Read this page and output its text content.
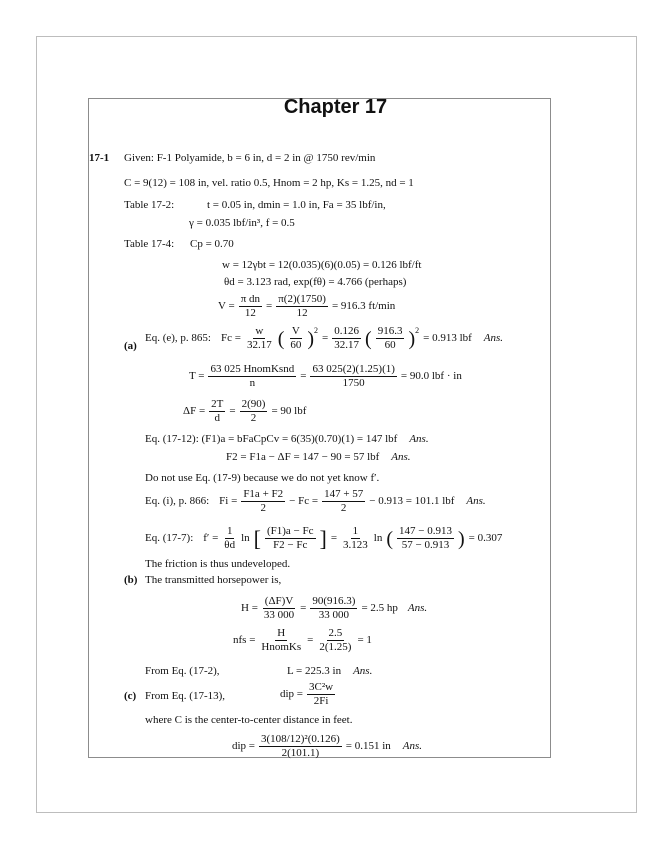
Chapter 17
17-1 Given: F-1 Polyamide, b = 6 in, d = 2 in @ 1750 rev/min
C = 9(12) = 108 in, vel. ratio 0.5, Hnom = 2 hp, Ks = 1.25, nd = 1
Table 17-2:	t = 0.05 in, dmin = 1.0 in, Fa = 35 lbf/in,
γ = 0.035 lbf/in³, f = 0.5
Table 17-4: Cp = 0.70
w = 12γbt = 12(0.035)(6)(0.05) = 0.126 lbf/ft
θd = 3.123 rad, exp(fθ) = 4.766 (perhaps)
$V = \frac{\text{π dn}}{12} = \frac{\pi(2)(1750)}{12} = 916.3$ ft/min
(a)
Eq. (e), p. 865: $Fc = \frac{w}{32.17}$ ( V
60 )$^2$
= $\frac{0.126}{32.17}$ ( 916.3
60 )$^2$
= 0.913 lbf Ans.
T =
63 025 HnomKsnd
n
= $\frac{63 025(2)(1.25)(1)}{1750} = 90.0$ lbf · in
$\Delta F = \frac{2T}{d} = \frac{2(90)}{2} = 90$ lbf
Eq. (17-12): (F1)a = bFaCpCv = 6(35)(0.70)(1) = 147 lbf Ans.
F2 = F1a − ΔF = 147 − 90 = 57 lbf Ans.
Do not use Eq. (17-9) because we do not yet know f′.
Eq. (i), p. 866: $Fi = \frac{F1a + F2}{2} - Fc = \frac{147 + 57}{2} - 0.913 = 101.1$ lbf Ans.
Eq. (17-7): $f' = \frac{1}{\theta d}$ ln [ (F1)a − Fc
F2 − Fc ] = $\frac{1}{3.123}$ ln ( 147 − 0.913
57 − 0.913 ) = 0.307
The friction is thus undeveloped.
(b) The transmitted horsepower is,
$H = \frac{(\Delta F)V}{33 000} = \frac{90(916.3)}{33 000} = 2.5$ hp Ans.
nfs =
H
HnomKs
= $\frac{2.5}{2(1.25)} = 1$
From Eq. (17-2),	L = 225.3 in Ans.
(c) From Eq. (17-13),	dip = $\frac{\text{3C²w}}{2Fi}$
where C is the center-to-center distance in feet.
dip = $\frac{\text{3(108/12)²(0.126)}}{2(101.1)} = 0.151$ in Ans.
